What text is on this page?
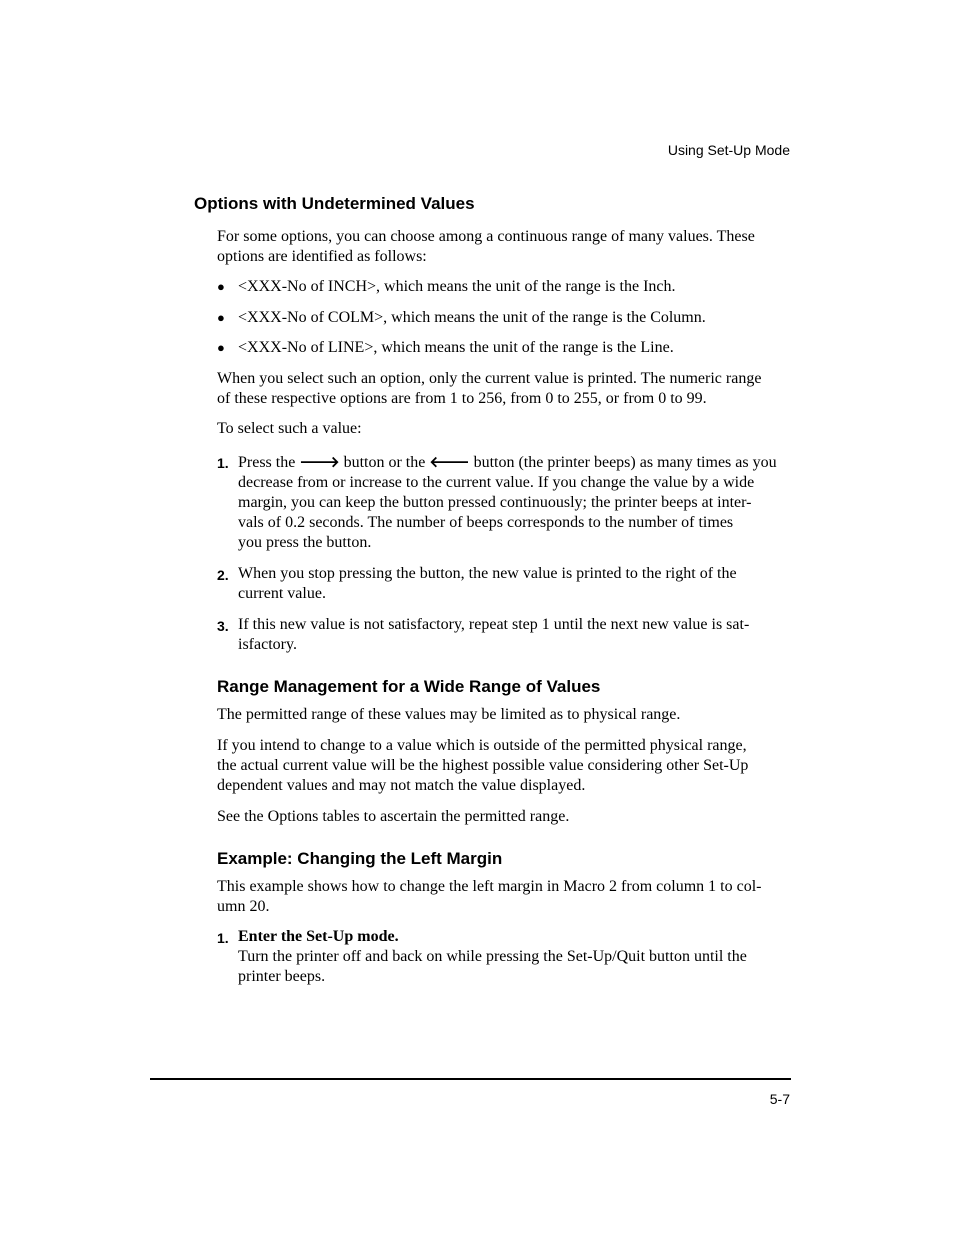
Using Set-Up Mode
Options with Undetermined Values
For some options, you can choose among a continuous range of many values. These
options are identified as follows:
● <XXX-No of INCH>, which means the unit of the range is the Inch.
● <XXX-No of COLM>, which means the unit of the range is the Column.
● <XXX-No of LINE>, which means the unit of the range is the Line.
When you select such an option, only the current value is printed. The numeric range
of these respective options are from 1 to 256, from 0 to 255, or from 0 to 99.
To select such a value:
1. Press the 🡒 button or the 🡐 button (the printer beeps) as many times as you
decrease from or increase to the current value. If you change the value by a wide
margin, you can keep the button pressed continuously; the printer beeps at inter-
vals of 0.2 seconds. The number of beeps corresponds to the number of times
you press the button.
2. When you stop pressing the button, the new value is printed to the right of the
current value.
3. If this new value is not satisfactory, repeat step 1 until the next new value is sat-
isfactory.
Range Management for a Wide Range of Values
The permitted range of these values may be limited as to physical range.
If you intend to change to a value which is outside of the permitted physical range,
the actual current value will be the highest possible value considering other Set-Up
dependent values and may not match the value displayed.
See the Options tables to ascertain the permitted range.
Example: Changing the Left Margin
This example shows how to change the left margin in Macro 2 from column 1 to col-
umn 20.
1. Enter the Set-Up mode.
Turn the printer off and back on while pressing the Set-Up/Quit button until the
printer beeps.
5-7
